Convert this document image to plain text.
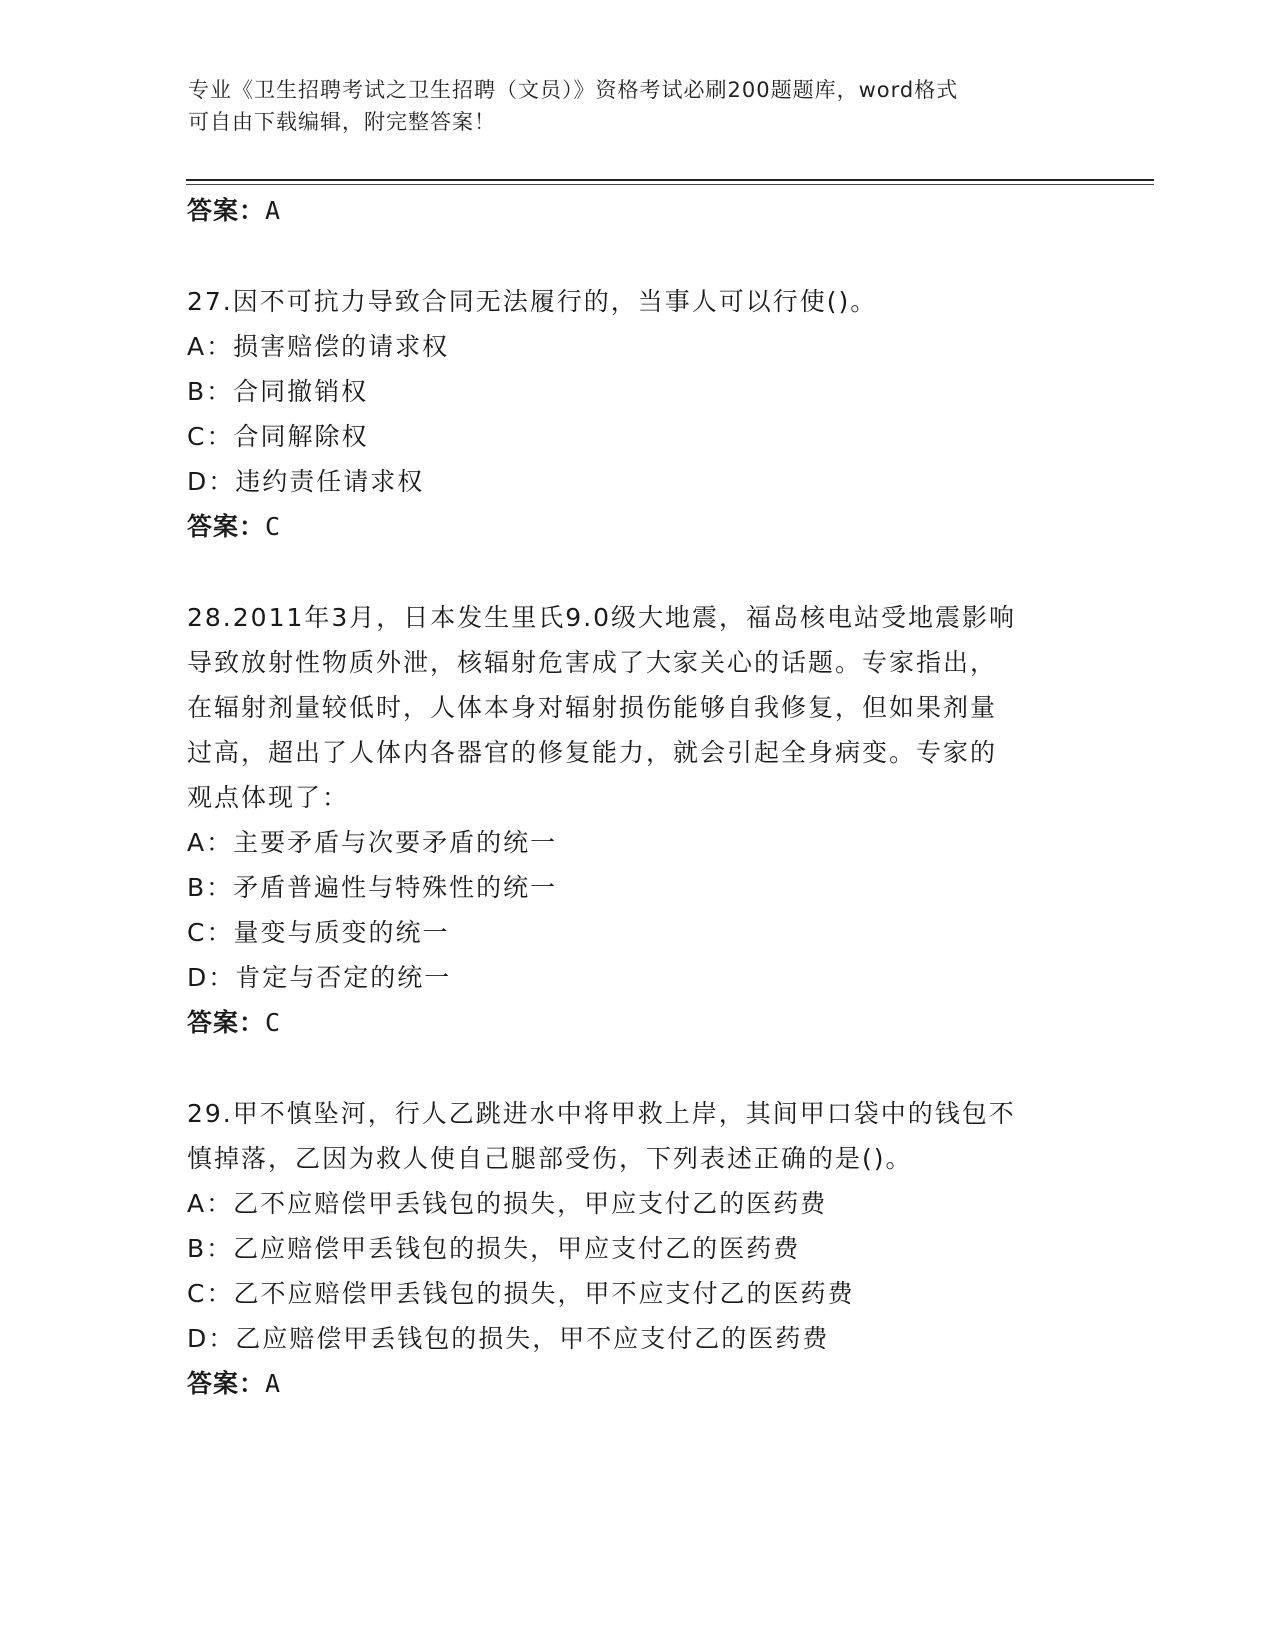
专业《卫生招聘考试之卫生招聘（文员）》资格考试必刷200题题库，word格式
可自由下载编辑，附完整答案！
答案：A
27.因不可抗力导致合同无法履行的，当事人可以行使()。
A：损害赔偿的请求权
B：合同撤销权
C：合同解除权
D：违约责任请求权
答案：C
28.2011年3月，日本发生里氏9.0级大地震，福岛核电站受地震影响
导致放射性物质外泄，核辐射危害成了大家关心的话题。专家指出，
在辐射剂量较低时，人体本身对辐射损伤能够自我修复，但如果剂量
过高，超出了人体内各器官的修复能力，就会引起全身病变。专家的
观点体现了：
A：主要矛盾与次要矛盾的统一
B：矛盾普遍性与特殊性的统一
C：量变与质变的统一
D：肯定与否定的统一
答案：C
29.甲不慎坠河，行人乙跳进水中将甲救上岸，其间甲口袋中的钱包不
慎掉落，乙因为救人使自己腿部受伤，下列表述正确的是()。
A：乙不应赔偿甲丢钱包的损失，甲应支付乙的医药费
B：乙应赔偿甲丢钱包的损失，甲应支付乙的医药费
C：乙不应赔偿甲丢钱包的损失，甲不应支付乙的医药费
D：乙应赔偿甲丢钱包的损失，甲不应支付乙的医药费
答案：A
